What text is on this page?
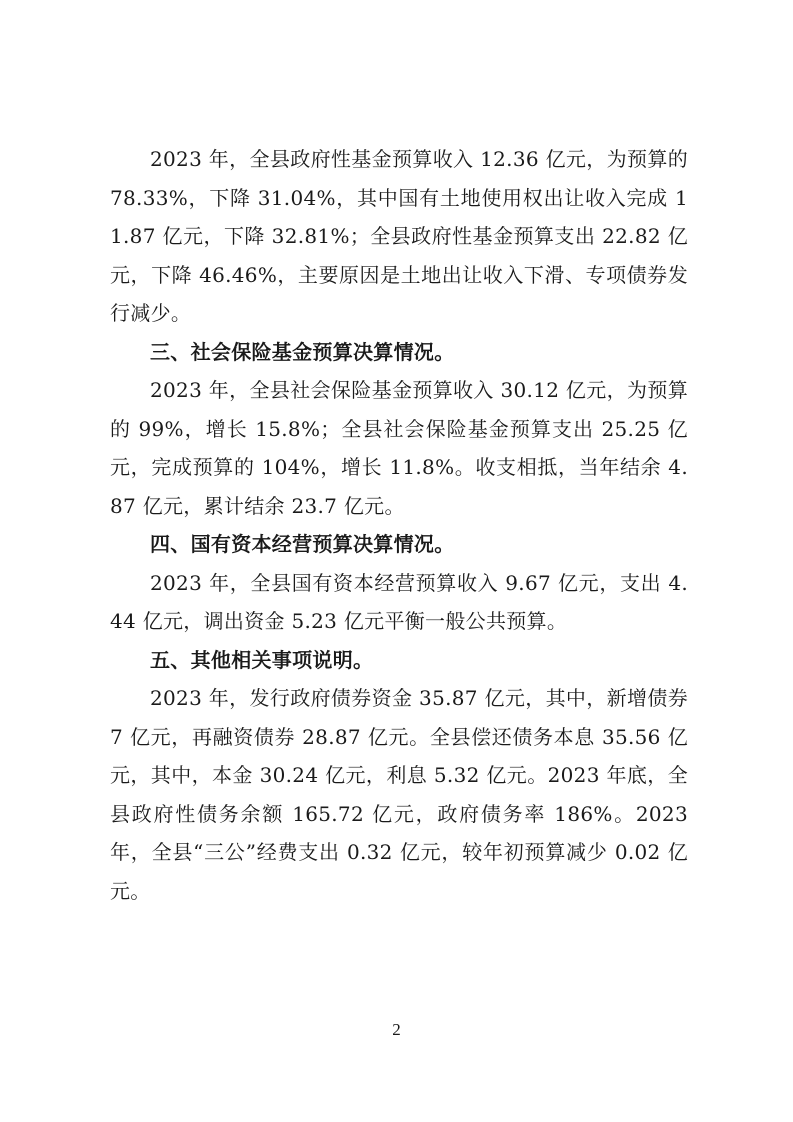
2023 年，全县政府性基金预算收入 12.36 亿元，为预算的 78.33%，下降 31.04%，其中国有土地使用权出让收入完成 11.87 亿元，下降 32.81%；全县政府性基金预算支出 22.82 亿元，下降 46.46%，主要原因是土地出让收入下滑、专项债券发行减少。

三、社会保险基金预算决算情况。

2023 年，全县社会保险基金预算收入 30.12 亿元，为预算的 99%，增长 15.8%；全县社会保险基金预算支出 25.25 亿元，完成预算的 104%，增长 11.8%。收支相抵，当年结余 4.87 亿元，累计结余 23.7 亿元。

四、国有资本经营预算决算情况。

2023 年，全县国有资本经营预算收入 9.67 亿元，支出 4.44 亿元，调出资金 5.23 亿元平衡一般公共预算。

五、其他相关事项说明。

2023 年，发行政府债券资金 35.87 亿元，其中，新增债券 7 亿元，再融资债券 28.87 亿元。全县偿还债务本息 35.56 亿元，其中，本金 30.24 亿元，利息 5.32 亿元。2023 年底，全县政府性债务余额 165.72 亿元，政府债务率 186%。2023 年，全县“三公”经费支出 0.32 亿元，较年初预算减少 0.02 亿元。

2
